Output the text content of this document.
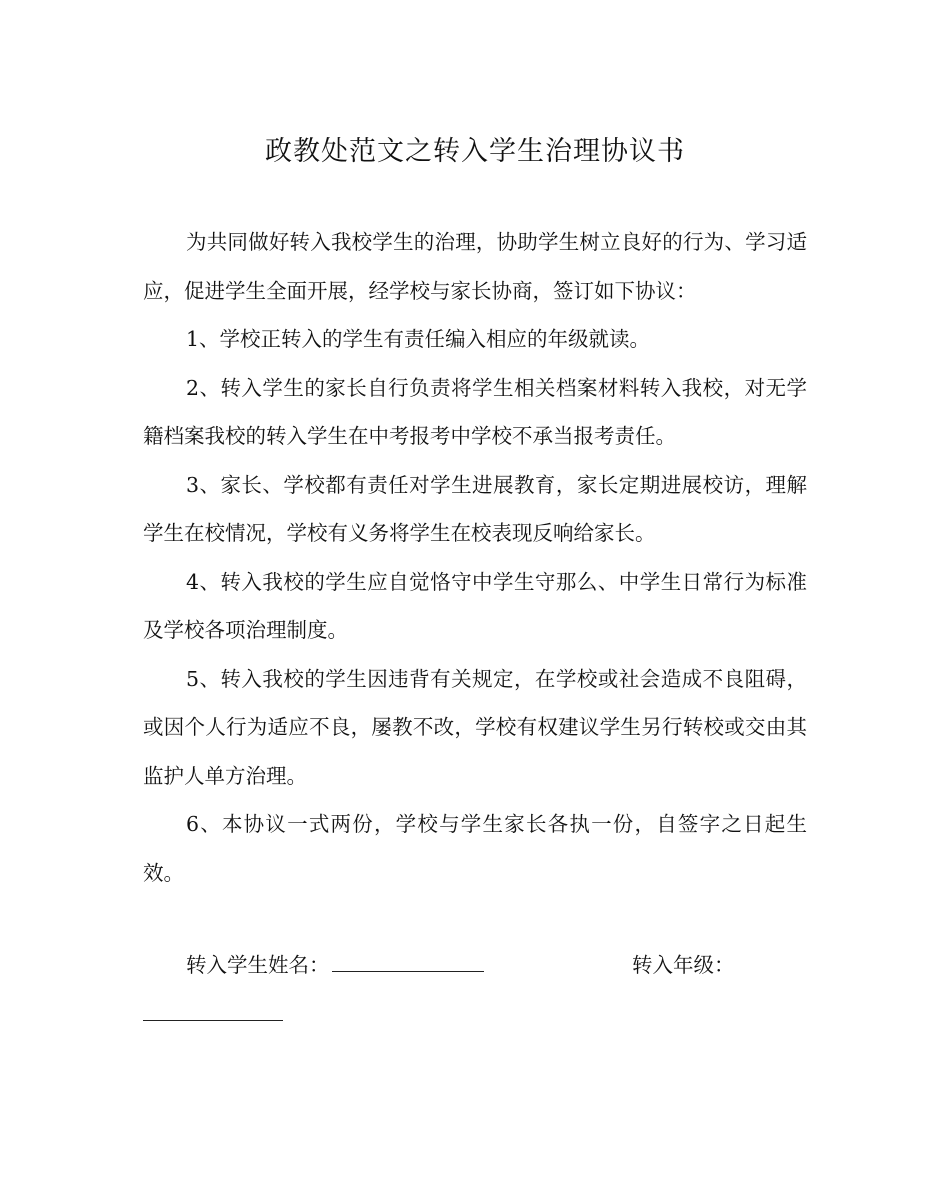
政教处范文之转入学生治理协议书

为共同做好转入我校学生的治理，协助学生树立良好的行为、学习适应，促进学生全面开展，经学校与家长协商，签订如下协议：

1、学校正转入的学生有责任编入相应的年级就读。

2、转入学生的家长自行负责将学生相关档案材料转入我校，对无学籍档案我校的转入学生在中考报考中学校不承当报考责任。

3、家长、学校都有责任对学生进展教育，家长定期进展校访，理解学生在校情况，学校有义务将学生在校表现反响给家长。

4、转入我校的学生应自觉恪守中学生守那么、中学生日常行为标准及学校各项治理制度。

5、转入我校的学生因违背有关规定，在学校或社会造成不良阻碍，或因个人行为适应不良，屡教不改，学校有权建议学生另行转校或交由其监护人单方治理。

6、本协议一式两份，学校与学生家长各执一份，自签字之日起生效。

转入学生姓名：	转入年级：
